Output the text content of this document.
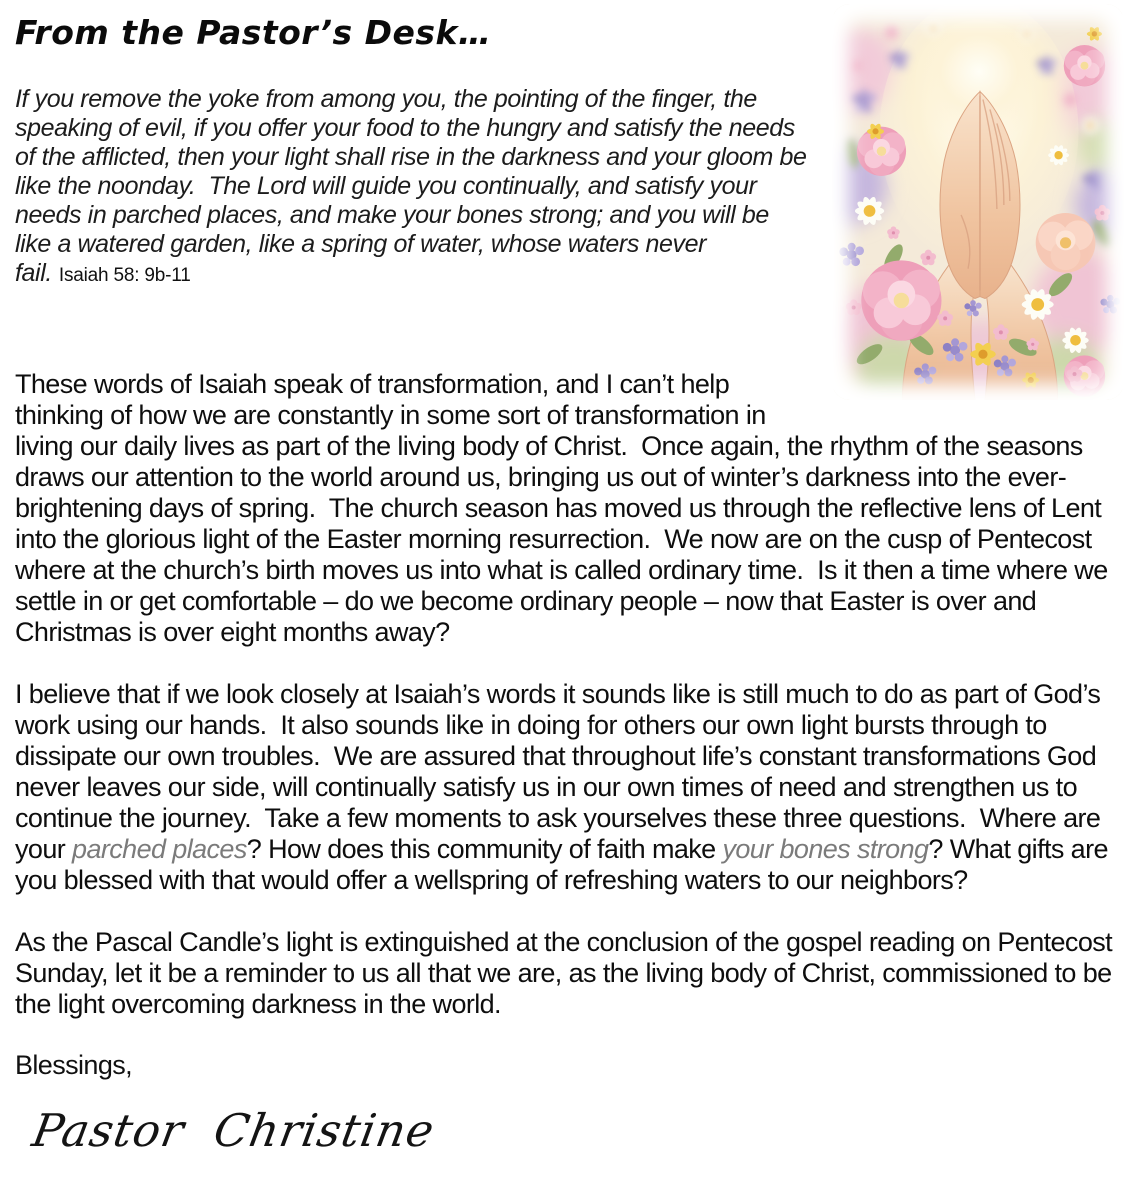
From the Pastor’s Desk…

If you remove the yoke from among you, the pointing of the finger, the speaking of evil, if you offer your food to the hungry and satisfy the needs of the afflicted, then your light shall rise in the darkness and your gloom be like the noonday.  The Lord will guide you continually, and satisfy your needs in parched places, and make your bones strong; and you will be like a watered garden, like a spring of water, whose waters never fail. Isaiah 58: 9b-11

These words of Isaiah speak of transformation, and I can’t help thinking of how we are constantly in some sort of transformation in living our daily lives as part of the living body of Christ.  Once again, the rhythm of the seasons draws our attention to the world around us, bringing us out of winter’s darkness into the ever-brightening days of spring.  The church season has moved us through the reflective lens of Lent into the glorious light of the Easter morning resurrection.  We now are on the cusp of Pentecost where at the church’s birth moves us into what is called ordinary time.  Is it then a time where we settle in or get comfortable – do we become ordinary people – now that Easter is over and Christmas is over eight months away?

I believe that if we look closely at Isaiah’s words it sounds like is still much to do as part of God’s work using our hands.  It also sounds like in doing for others our own light bursts through to dissipate our own troubles.  We are assured that throughout life’s constant transformations God never leaves our side, will continually satisfy us in our own times of need and strengthen us to continue the journey.  Take a few moments to ask yourselves these three questions.  Where are your parched places? How does this community of faith make your bones strong? What gifts are you blessed with that would offer a wellspring of refreshing waters to our neighbors?

As the Pascal Candle’s light is extinguished at the conclusion of the gospel reading on Pentecost Sunday, let it be a reminder to us all that we are, as the living body of Christ, commissioned to be the light overcoming darkness in the world.

Blessings,

Pastor  Christine
